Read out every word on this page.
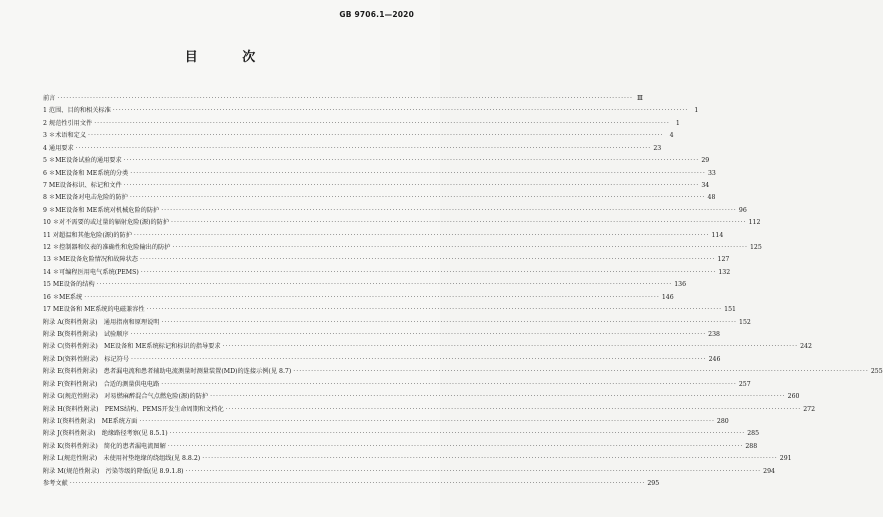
GB 9706.1—2020
目 次
前言 ·····	Ⅲ
1 范围、目的和相关标准 ·····	1
2 规范性引用文件 ·····	1
3 ＊术语和定义 ·····	4
4 通用要求 ·····	23
5 ＊ME设备试验的通用要求 ·····	29
6 ＊ME设备和 ME系统的分类 ·····	33
7 ME设备标识、标记和文件 ·····	34
8 ＊ME设备对电击危险的防护 ·····	48
9 ＊ME设备和 ME系统对机械危险的防护 ·····	96
10 ＊对不需要的或过量的辐射危险(源)的防护 ·····	112
11 对超温和其他危险(源)的防护 ·····	114
12 ＊控制器和仪表的准确性和危险输出的防护 ·····	125
13 ＊ME设备危险情况和故障状态 ·····	127
14 ＊可编程医用电气系统(PEMS) ·····	132
15 ME设备的结构 ·····	136
16 ＊ME系统 ·····	146
17 ME设备和 ME系统的电磁兼容性 ·····	151
附录 A(资料性附录)　通用指南和原理说明 ·····	152
附录 B(资料性附录)　试验顺序 ·····	238
附录 C(资料性附录)　ME设备和 ME系统标记和标识的指导要求 ·····	242
附录 D(资料性附录)　标记符号 ·····	246
附录 E(资料性附录)　患者漏电流和患者辅助电流测量时测量装置(MD)的连接示例(见 8.7) ·····	255
附录 F(资料性附录)　合适的测量供电电路 ·····	257
附录 G(规范性附录)　对易燃麻醉混合气点燃危险(源)的防护 ·····	260
附录 H(资料性附录)　PEMS结构、PEMS开发生命周期和文档化 ·····	272
附录 I(资料性附录)　ME系统方面 ·····	280
附录 J(资料性附录)　绝缘路径考察(见 8.5.1) ·····	285
附录 K(资料性附录)　简化的患者漏电流图解 ·····	288
附录 L(规范性附录)　未使用衬垫绝缘的绕组线(见 8.8.2) ·····	291
附录 M(规范性附录)　污染等级的降低(见 8.9.1.8) ·····	294
参考文献 ·····	295
